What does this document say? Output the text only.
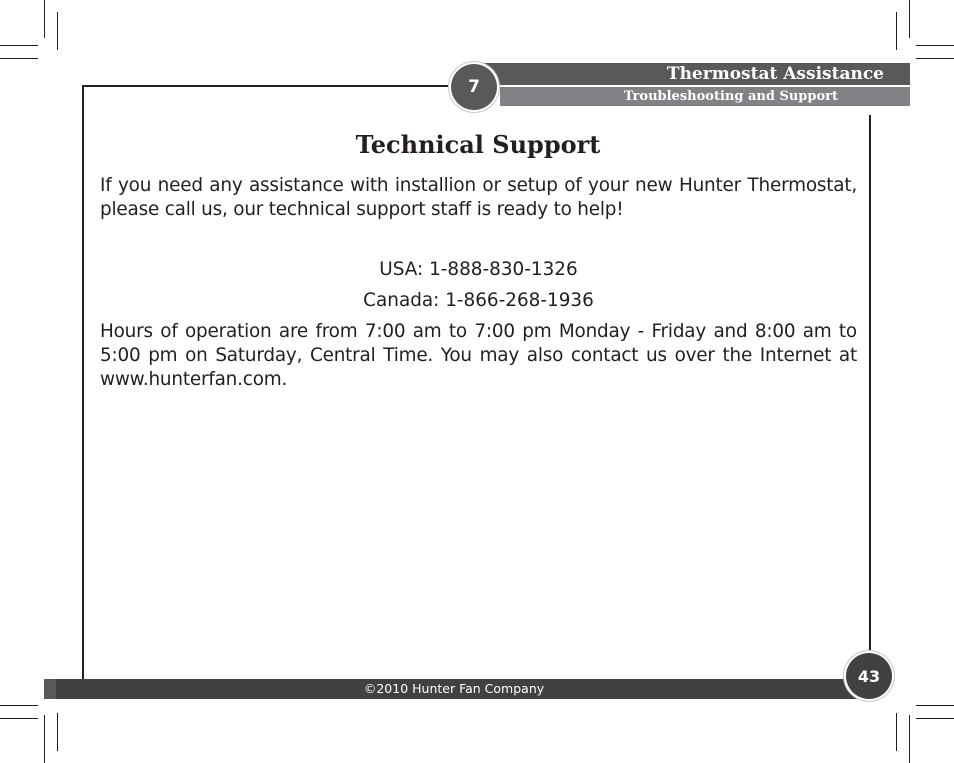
Thermostat Assistance
Troubleshooting and Support
7
Technical Support
If you need any assistance with installion or setup of your new Hunter Thermostat, please call us, our technical support staff is ready to help!
USA: 1-888-830-1326
Canada: 1-866-268-1936
Hours of operation are from 7:00 am to 7:00 pm Monday - Friday and 8:00 am to 5:00 pm on Saturday, Central Time. You may also contact us over the Internet at www.hunterfan.com.
©2010 Hunter Fan Company
43
